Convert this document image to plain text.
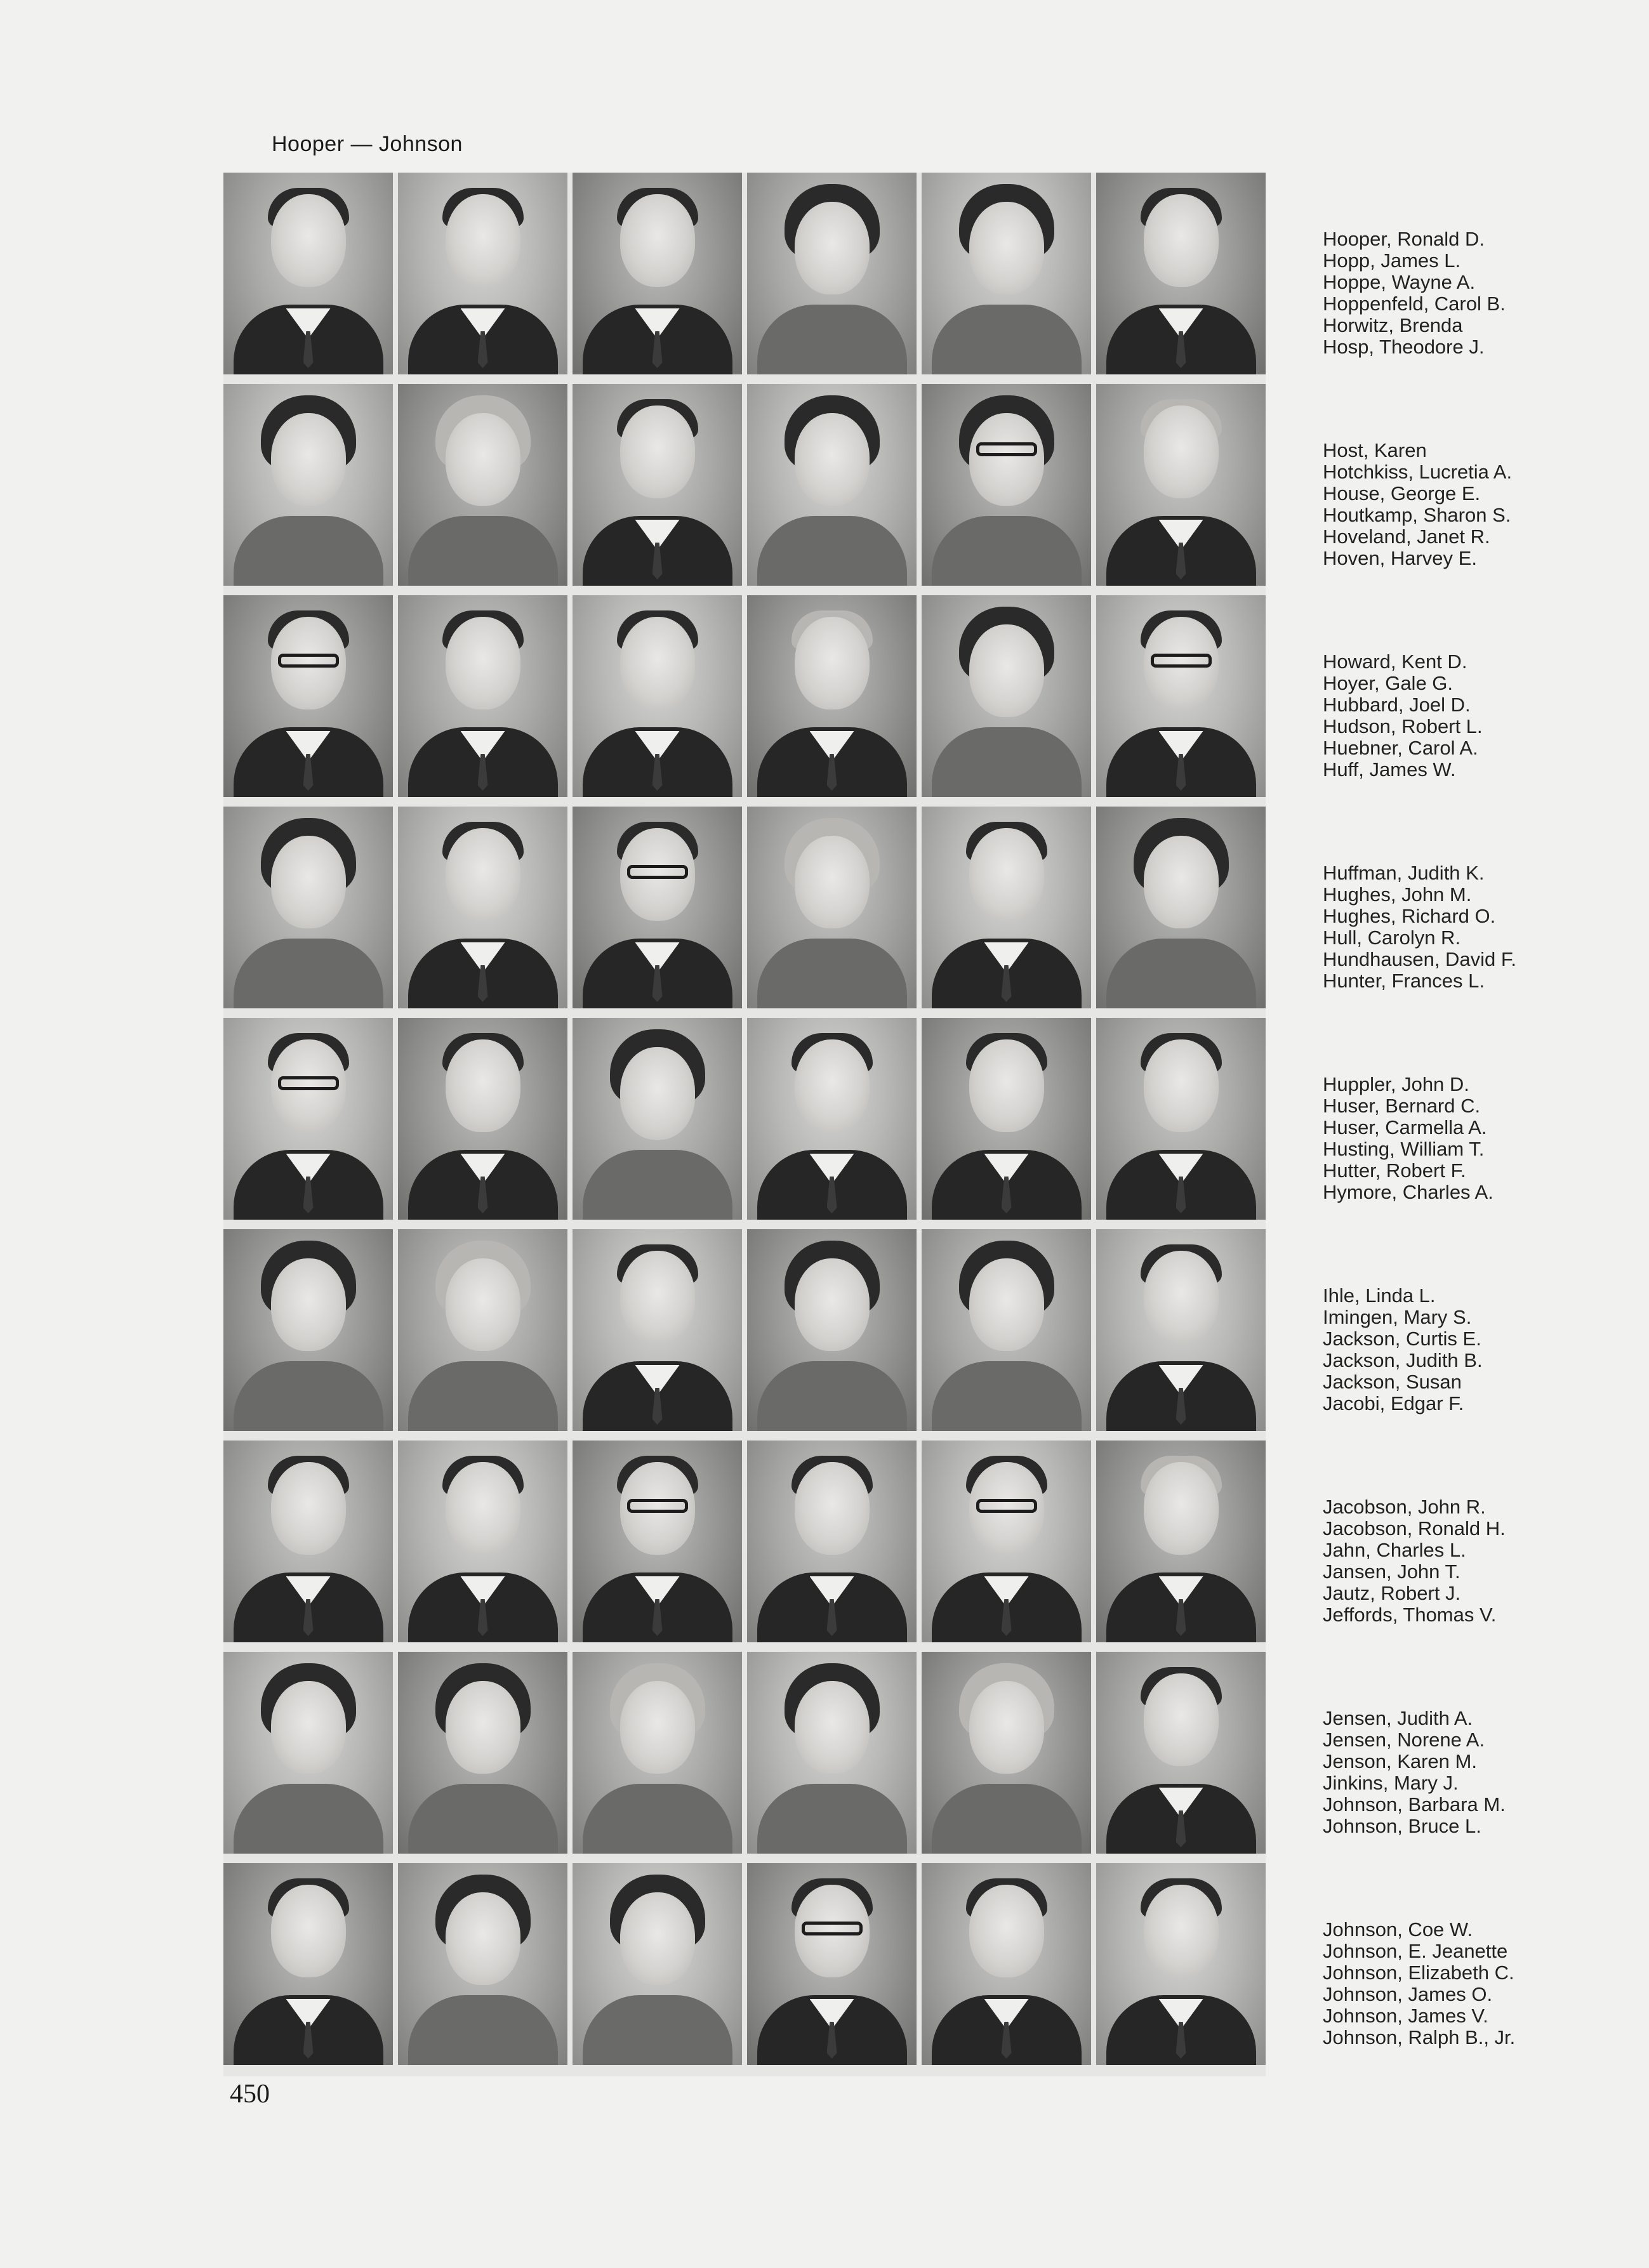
Hooper — Johnson
Hooper, Ronald D.
Hopp, James L.
Hoppe, Wayne A.
Hoppenfeld, Carol B.
Horwitz, Brenda
Hosp, Theodore J.
Host, Karen
Hotchkiss, Lucretia A.
House, George E.
Houtkamp, Sharon S.
Hoveland, Janet R.
Hoven, Harvey E.
Howard, Kent D.
Hoyer, Gale G.
Hubbard, Joel D.
Hudson, Robert L.
Huebner, Carol A.
Huff, James W.
Huffman, Judith K.
Hughes, John M.
Hughes, Richard O.
Hull, Carolyn R.
Hundhausen, David F.
Hunter, Frances L.
Huppler, John D.
Huser, Bernard C.
Huser, Carmella A.
Husting, William T.
Hutter, Robert F.
Hymore, Charles A.
Ihle, Linda L.
Imingen, Mary S.
Jackson, Curtis E.
Jackson, Judith B.
Jackson, Susan
Jacobi, Edgar F.
Jacobson, John R.
Jacobson, Ronald H.
Jahn, Charles L.
Jansen, John T.
Jautz, Robert J.
Jeffords, Thomas V.
Jensen, Judith A.
Jensen, Norene A.
Jenson, Karen M.
Jinkins, Mary J.
Johnson, Barbara M.
Johnson, Bruce L.
Johnson, Coe W.
Johnson, E. Jeanette
Johnson, Elizabeth C.
Johnson, James O.
Johnson, James V.
Johnson, Ralph B., Jr.
450
